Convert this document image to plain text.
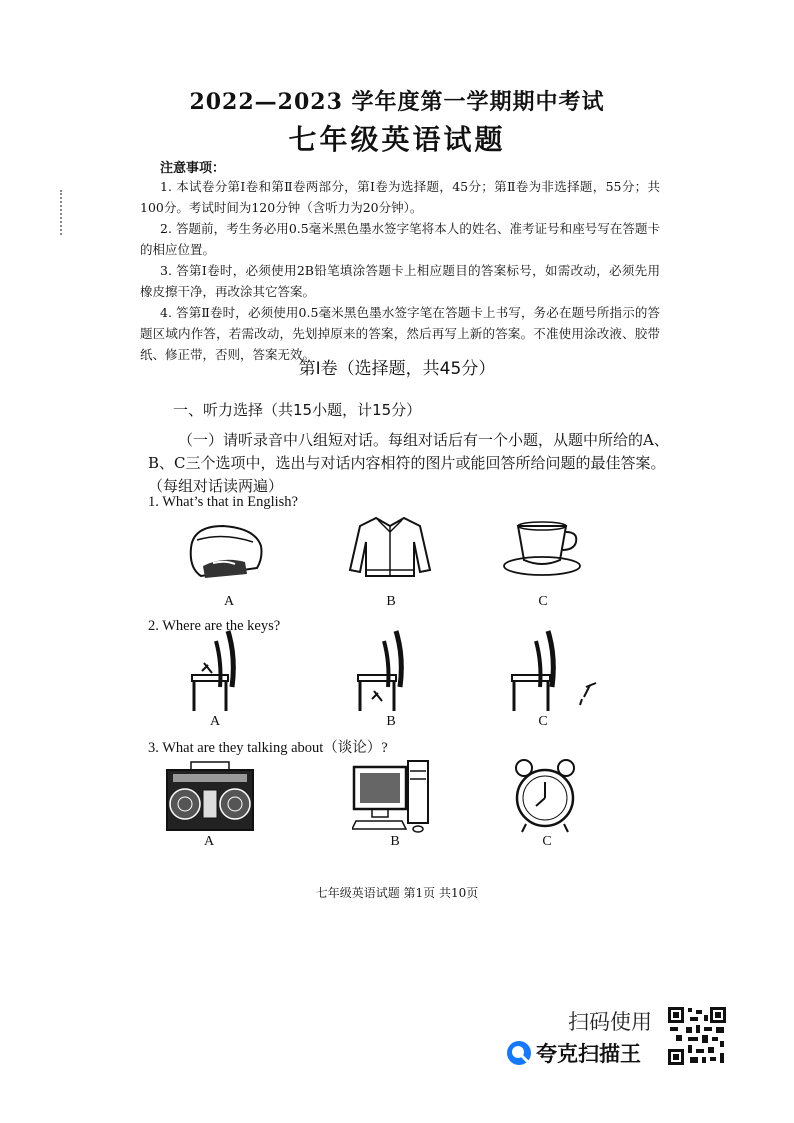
2022—2023 学年度第一学期期中考试
七年级英语试题
注意事项：
1. 本试卷分第Ⅰ卷和第Ⅱ卷两部分，第Ⅰ卷为选择题，45分；第Ⅱ卷为非选择题，55分；共100分。考试时间为120分钟（含听力为20分钟）。
2. 答题前，考生务必用0.5毫米黑色墨水签字笔将本人的姓名、准考证号和座号写在答题卡的相应位置。
3. 答第Ⅰ卷时，必须使用2B铅笔填涂答题卡上相应题目的答案标号，如需改动，必须先用橡皮擦干净，再改涂其它答案。
4. 答第Ⅱ卷时，必须使用0.5毫米黑色墨水签字笔在答题卡上书写，务必在题号所指示的答题区域内作答，若需改动，先划掉原来的答案，然后再写上新的答案。不准使用涂改液、胶带纸、修正带，否则，答案无效。
第Ⅰ卷（选择题，共45分）
一、听力选择（共15小题，计15分）
（一）请听录音中八组短对话。每组对话后有一个小题，从题中所给的A、
B、C三个选项中，选出与对话内容相符的图片或能回答所给问题的最佳答案。
（每组对话读两遍）
1. What’s that in English?
A	B	C
2. Where are the keys?
A	B	C
3. What are they talking about（谈论）?
A	B	C
七年级英语试题 第1页 共10页
扫码使用
夸克扫描王
